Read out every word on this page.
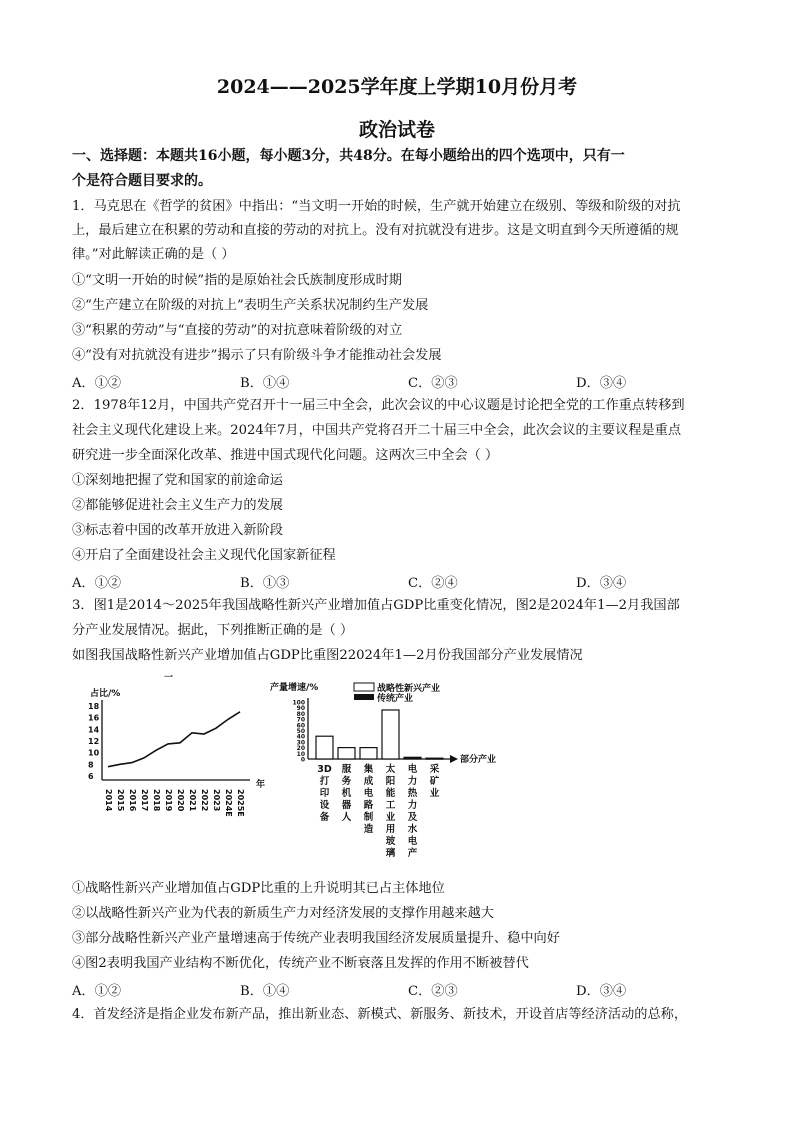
2024——2025学年度上学期10月份月考
政治试卷
一、选择题：本题共16小题，每小题3分，共48分。在每小题给出的四个选项中，只有一
个是符合题目要求的。
1．马克思在《哲学的贫困》中指出：“当文明一开始的时候，生产就开始建立在级别、等级和阶级的对抗
上，最后建立在积累的劳动和直接的劳动的对抗上。没有对抗就没有进步。这是文明直到今天所遵循的规
律。”对此解读正确的是（ ）
①“文明一开始的时候”指的是原始社会氏族制度形成时期
②“生产建立在阶级的对抗上”表明生产关系状况制约生产发展
③“积累的劳动”与“直接的劳动”的对抗意味着阶级的对立
④“没有对抗就没有进步”揭示了只有阶级斗争才能推动社会发展
A．①②	B．①④	C．②③	D．③④
2．1978年12月，中国共产党召开十一届三中全会，此次会议的中心议题是讨论把全党的工作重点转移到
社会主义现代化建设上来。2024年7月，中国共产党将召开二十届三中全会，此次会议的主要议程是重点
研究进一步全面深化改革、推进中国式现代化问题。这两次三中全会（ ）
①深刻地把握了党和国家的前途命运
②都能够促进社会主义生产力的发展
③标志着中国的改革开放进入新阶段
④开启了全面建设社会主义现代化国家新征程
A．①②	B．①③	C．②④	D．③④
3．图1是2014～2025年我国战略性新兴产业增加值占GDP比重变化情况，图2是2024年1—2月我国部
分产业发展情况。据此，下列推断正确的是（ ）
如图我国战略性新兴产业增加值占GDP比重图22024年1—2月份我国部分产业发展情况
一
占比/%
年
18
16
14
12
10
8
6
2014 2015 2016 2017 2018 2019 2020 2021 2022 2023 2024E 2025E
产量增速/%
部分产业
100
90
80
70
60
50
40
30
20
10
0
战略性新兴产业
传统产业
3D
打
印
设
备
服
务
机
器
人
集
成
电
路
制
造
太
阳
能
工
业
用
玻
璃
电
力
热
力
及
水
电
产
采
矿
业
①战略性新兴产业增加值占GDP比重的上升说明其已占主体地位
②以战略性新兴产业为代表的新质生产力对经济发展的支撑作用越来越大
③部分战略性新兴产业产量增速高于传统产业表明我国经济发展质量提升、稳中向好
④图2表明我国产业结构不断优化，传统产业不断衰落且发挥的作用不断被替代
A．①②	B．①④	C．②③	D．③④
4．首发经济是指企业发布新产品，推出新业态、新模式、新服务、新技术，开设首店等经济活动的总称，
